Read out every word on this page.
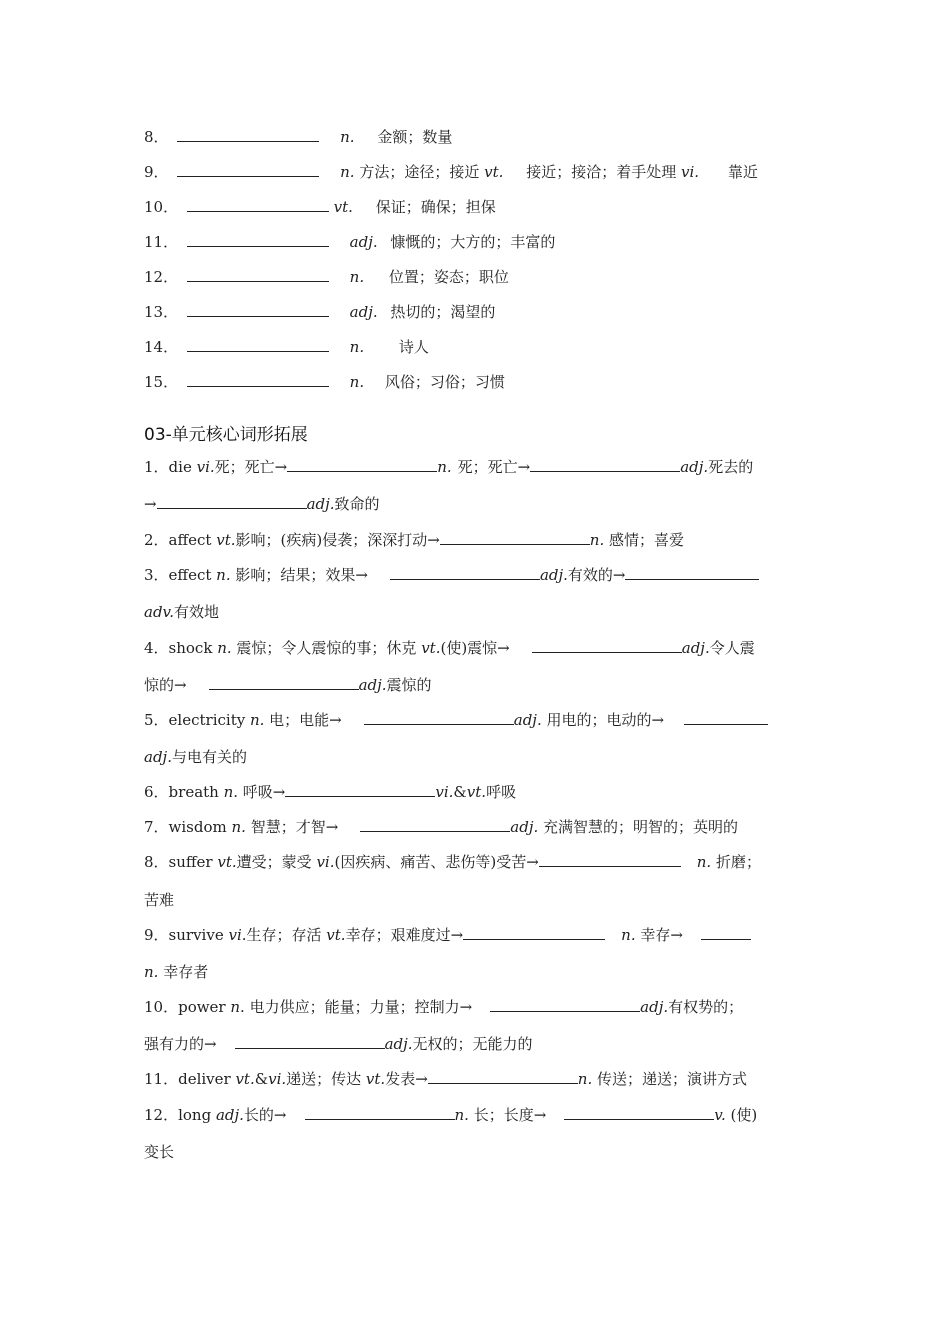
8．	n. 金额；数量
9．	n. 方法；途径；接近 vt. 接近；接洽；着手处理 vi. 靠近
10．	vt. 保证；确保；担保
11．	adj. 慷慨的；大方的；丰富的
12．	n. 位置；姿态；职位
13．	adj. 热切的；渴望的
14．	n. 诗人
15．	n. 风俗；习俗；习惯
03-单元核心词形拓展
1．die vi.死；死亡→	n. 死；死亡→	adj.死去的
→	adj.致命的
2．affect vt.影响；(疾病)侵袭；深深打动→	n. 感情；喜爱
3．effect n. 影响；结果；效果→	adj.有效的→
adv.有效地
4．shock n. 震惊；令人震惊的事；休克 vt.(使)震惊→	adj.令人震
惊的→	adj.震惊的
5．electricity n. 电；电能→	adj. 用电的；电动的→
adj.与电有关的
6．breath n. 呼吸→	vi.&vt.呼吸
7．wisdom n. 智慧；才智→	adj. 充满智慧的；明智的；英明的
8．suffer vt.遭受；蒙受 vi.(因疾病、痛苦、悲伤等)受苦→	n. 折磨；
苦难
9．survive vi.生存；存活 vt.幸存；艰难度过→	n. 幸存→
n. 幸存者
10．power n. 电力供应；能量；力量；控制力→	adj.有权势的；
强有力的→	adj.无权的；无能力的
11．deliver vt.&vi.递送；传达 vt.发表→	n. 传送；递送；演讲方式
12．long adj.长的→	n. 长；长度→	v. (使)
变长
